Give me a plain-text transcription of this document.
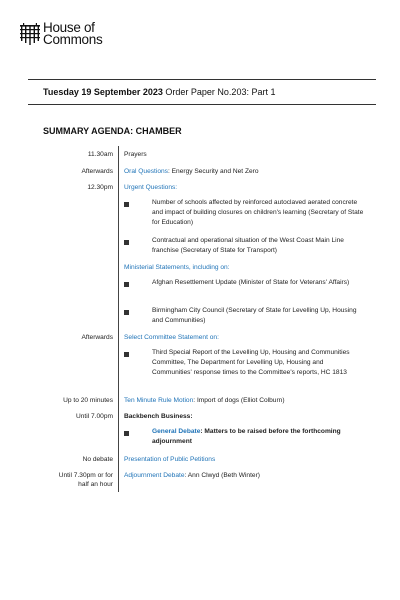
House of
Commons
Tuesday 19 September 2023 Order Paper No.203: Part 1
SUMMARY AGENDA: CHAMBER
11.30am Prayers
Afterwards Oral Questions: Energy Security and Net Zero
12.30pm Urgent Questions:
Number of schools affected by reinforced autoclaved aerated concrete and impact of building closures on children's learning (Secretary of State for Education)
Contractual and operational situation of the West Coast Main Line franchise (Secretary of State for Transport)
Ministerial Statements, including on:
Afghan Resettlement Update (Minister of State for Veterans' Affairs)
Birmingham City Council (Secretary of State for Levelling Up, Housing and Communities)
Afterwards Select Committee Statement on:
Third Special Report of the Levelling Up, Housing and Communities Committee, The Department for Levelling Up, Housing and Communities' response times to the Committee's reports, HC 1813
Up to 20 minutes Ten Minute Rule Motion: Import of dogs (Elliot Colburn)
Until 7.00pm Backbench Business:
General Debate: Matters to be raised before the forthcoming adjournment
No debate Presentation of Public Petitions
Until 7.30pm or for
half an hour
Adjournment Debate: Ann Clwyd (Beth Winter)
